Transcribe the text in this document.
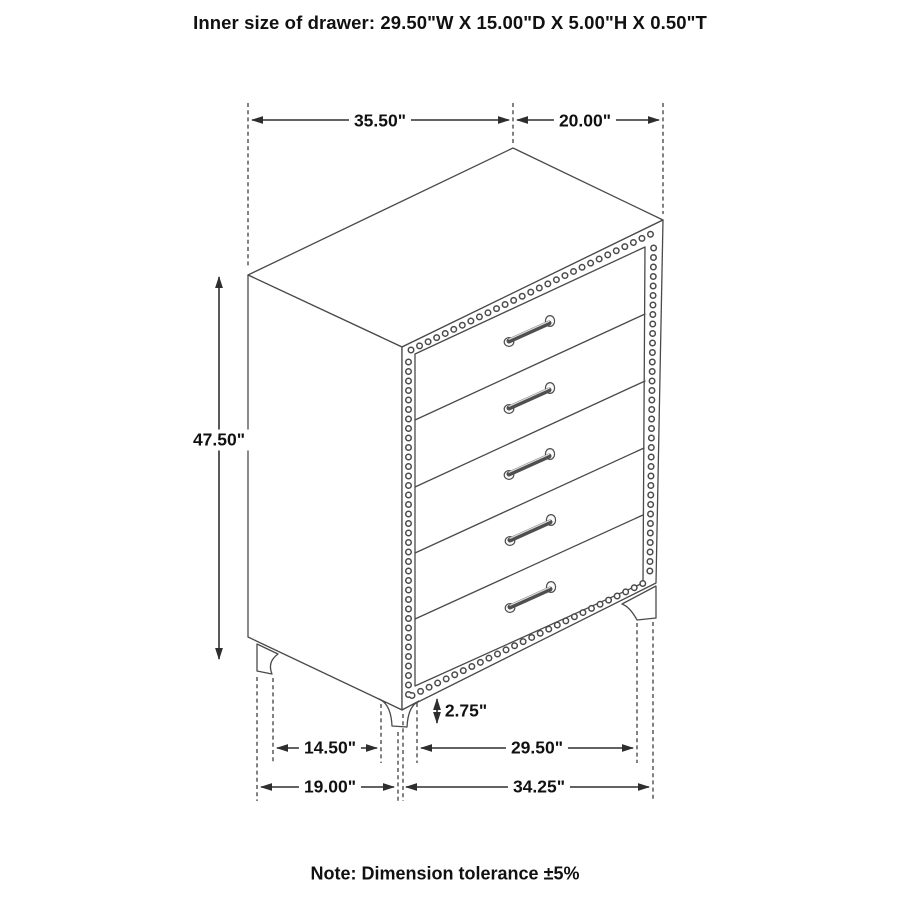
Inner size of drawer: 29.50"W X 15.00"D X 5.00"H X 0.50"T
35.50"	20.00"
47.50"
2.75"
14.50"	29.50"
19.00"	34.25"
Note: Dimension tolerance ±5%
